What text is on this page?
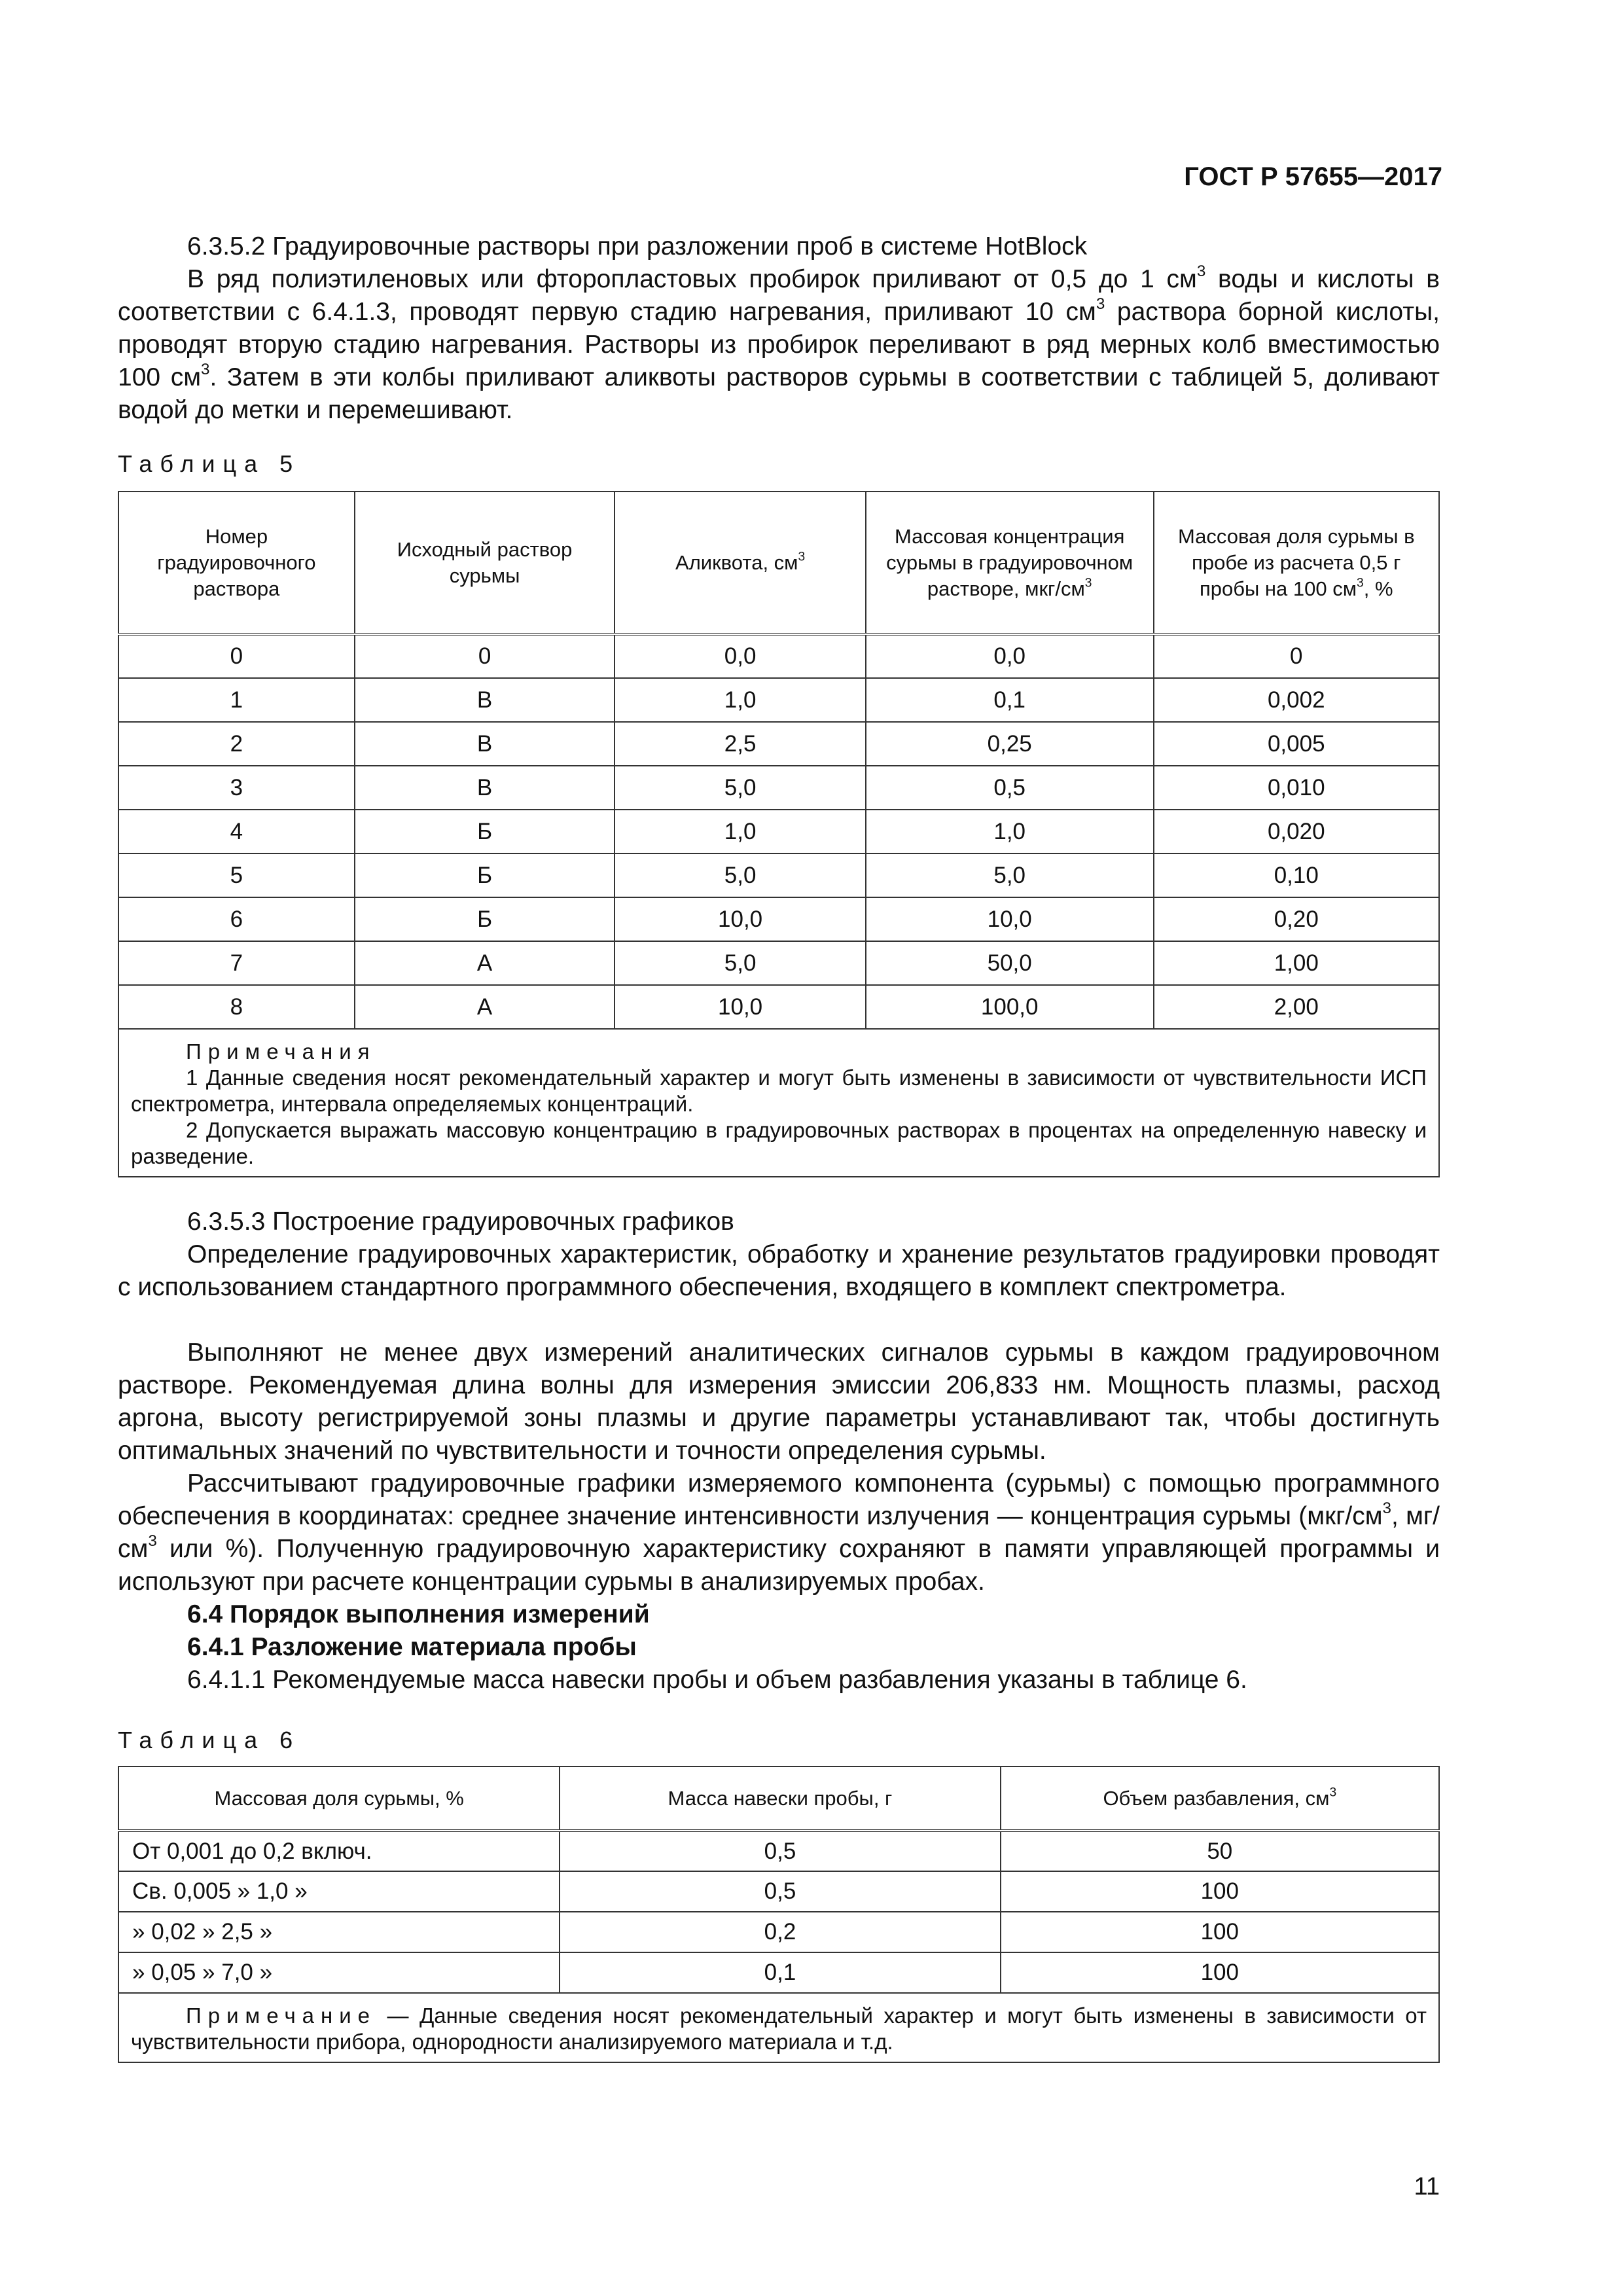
ГОСТ Р 57655—2017
6.3.5.2 Градуировочные растворы при разложении проб в системе HotBlock
В ряд полиэтиленовых или фторопластовых пробирок приливают от 0,5 до 1 $см^3$ воды и кислоты в соответствии с 6.4.1.3, проводят первую стадию нагревания, приливают 10 $см^3$ раствора борной кислоты, проводят вторую стадию нагревания. Растворы из пробирок переливают в ряд мерных колб вместимостью 100 $см^3$. Затем в эти колбы приливают аликвоты растворов сурьмы в соответствии с таблицей 5, доливают водой до метки и перемешивают.
Таблица 5
Номер градуировочного раствора	Исходный раствор сурьмы	Аликвота, $см^3$	Массовая концентрация сурьмы в градуировочном растворе, мкг/$см^3$	Массовая доля сурьмы в пробе из расчета 0,5 г пробы на 100 $см^3$, %
0	0	0,0	0,0	0
1	В	1,0	0,1	0,002
2	В	2,5	0,25	0,005
3	В	5,0	0,5	0,010
4	Б	1,0	1,0	0,020
5	Б	5,0	5,0	0,10
6	Б	10,0	10,0	0,20
7	А	5,0	50,0	1,00
8	А	10,0	100,0	2,00

Примечания
1 Данные сведения носят рекомендательный характер и могут быть изменены в зависимости от чувствительности ИСП спектрометра, интервала определяемых концентраций.
2 Допускается выражать массовую концентрацию в градуировочных растворах в процентах на определенную навеску и разведение.				
6.3.5.3 Построение градуировочных графиков
Определение градуировочных характеристик, обработку и хранение результатов градуировки проводят с использованием стандартного программного обеспечения, входящего в комплект спектрометра.
Выполняют не менее двух измерений аналитических сигналов сурьмы в каждом градуировочном растворе. Рекомендуемая длина волны для измерения эмиссии 206,833 нм. Мощность плазмы, расход аргона, высоту регистрируемой зоны плазмы и другие параметры устанавливают так, чтобы достигнуть оптимальных значений по чувствительности и точности определения сурьмы.
Рассчитывают градуировочные графики измеряемого компонента (сурьмы) с помощью программного обеспечения в координатах: среднее значение интенсивности излучения — концентрация сурьмы ($мкг/см^3$, $мг/см^3$ или %). Полученную градуировочную характеристику сохраняют в памяти управляющей программы и используют при расчете концентрации сурьмы в анализируемых пробах.
6.4 Порядок выполнения измерений
6.4.1 Разложение материала пробы
6.4.1.1 Рекомендуемые масса навески пробы и объем разбавления указаны в таблице 6.
Таблица 6
Массовая доля сурьмы, %	Масса навески пробы, г	Объем разбавления, $см^3$
От 0,001 до 0,2 включ.	0,5	50
Св. 0,005 » 1,0 »	0,5	100
» 0,02 » 2,5 »	0,2	100
» 0,05 » 7,0 »	0,1	100

Примечание — Данные сведения носят рекомендательный характер и могут быть изменены в зависимости от чувствительности прибора, однородности анализируемого материала и т.д.		
11
